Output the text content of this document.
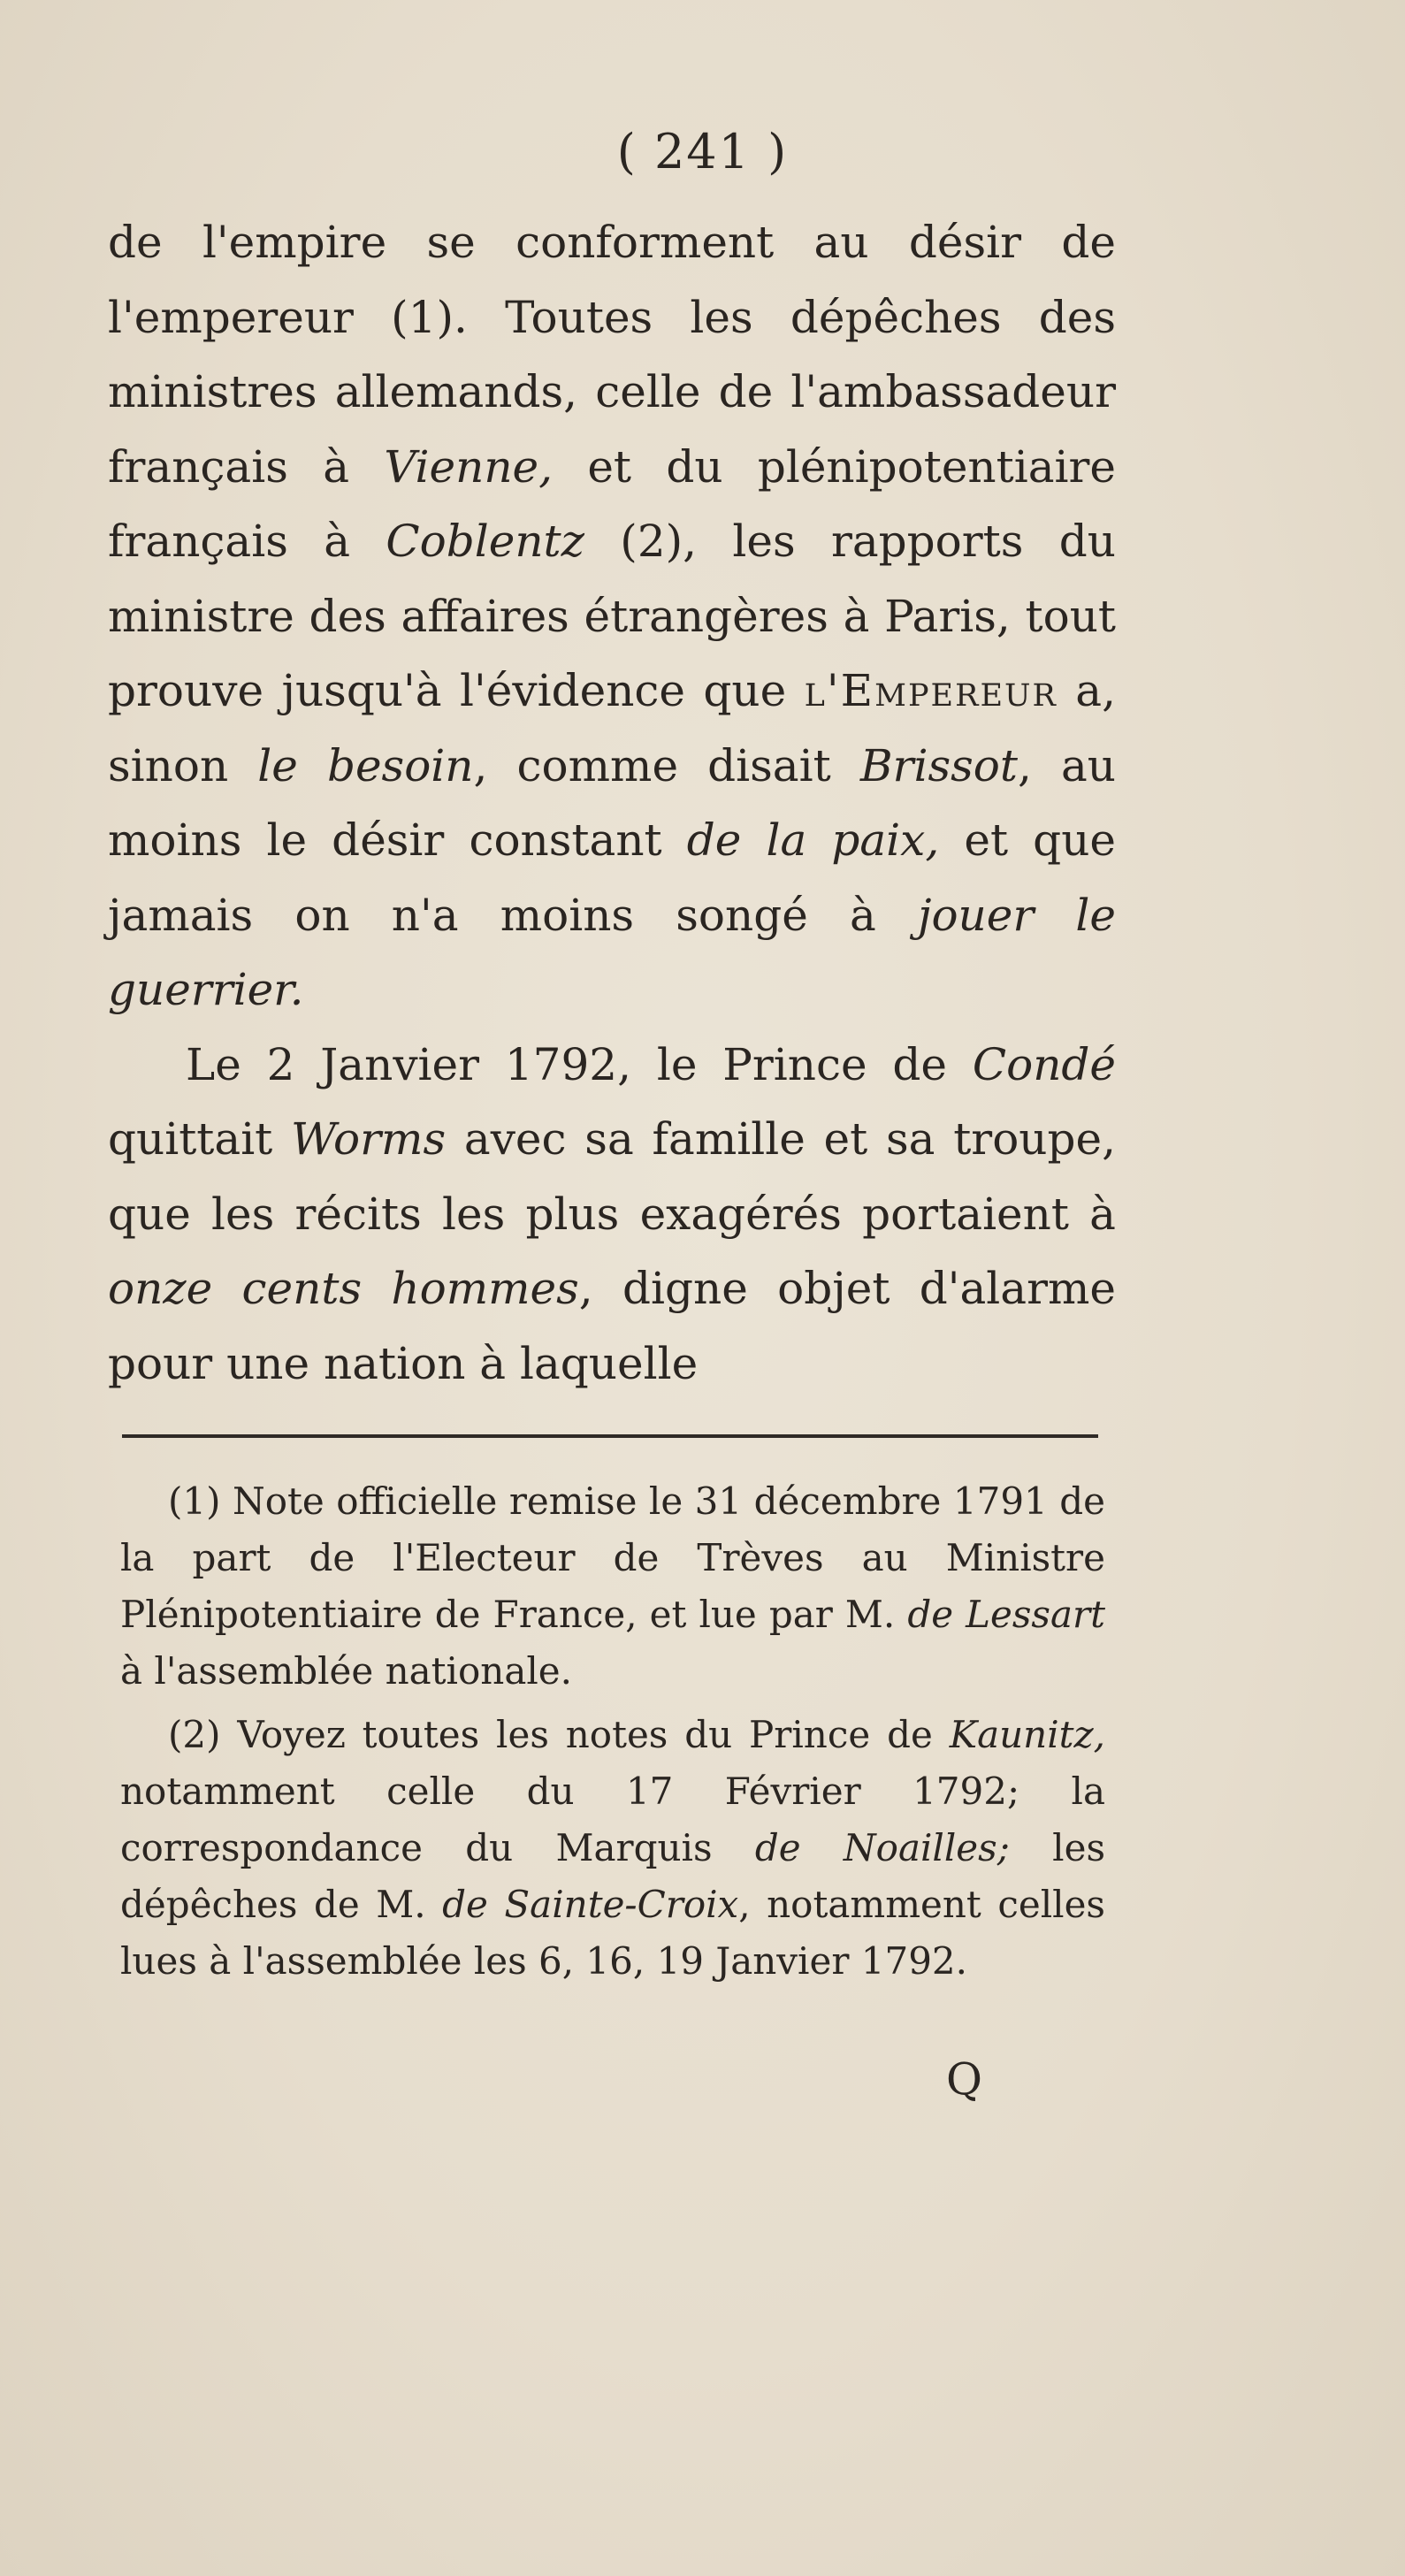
( 241 )

de l'empire se conforment au désir de l'empereur (1). Toutes les dépêches des ministres allemands, celle de l'ambassadeur français à Vienne, et du plénipotentiaire français à Coblentz (2), les rapports du ministre des affaires étrangères à Paris, tout prouve jusqu'à l'évidence que l'Empereur a, sinon le besoin, comme disait Brissot, au moins le désir constant de la paix, et que jamais on n'a moins songé à jouer le guerrier.

Le 2 Janvier 1792, le Prince de Condé quittait Worms avec sa famille et sa troupe, que les récits les plus exagérés portaient à onze cents hommes, digne objet d'alarme pour une nation à laquelle

(1) Note officielle remise le 31 décembre 1791 de la part de l'Electeur de Trèves au Ministre Plénipotentiaire de France, et lue par M. de Lessart à l'assemblée nationale.

(2) Voyez toutes les notes du Prince de Kaunitz, notamment celle du 17 Février 1792; la correspondance du Marquis de Noailles; les dépêches de M. de Sainte-Croix, notamment celles lues à l'assemblée les 6, 16, 19 Janvier 1792.

Q
